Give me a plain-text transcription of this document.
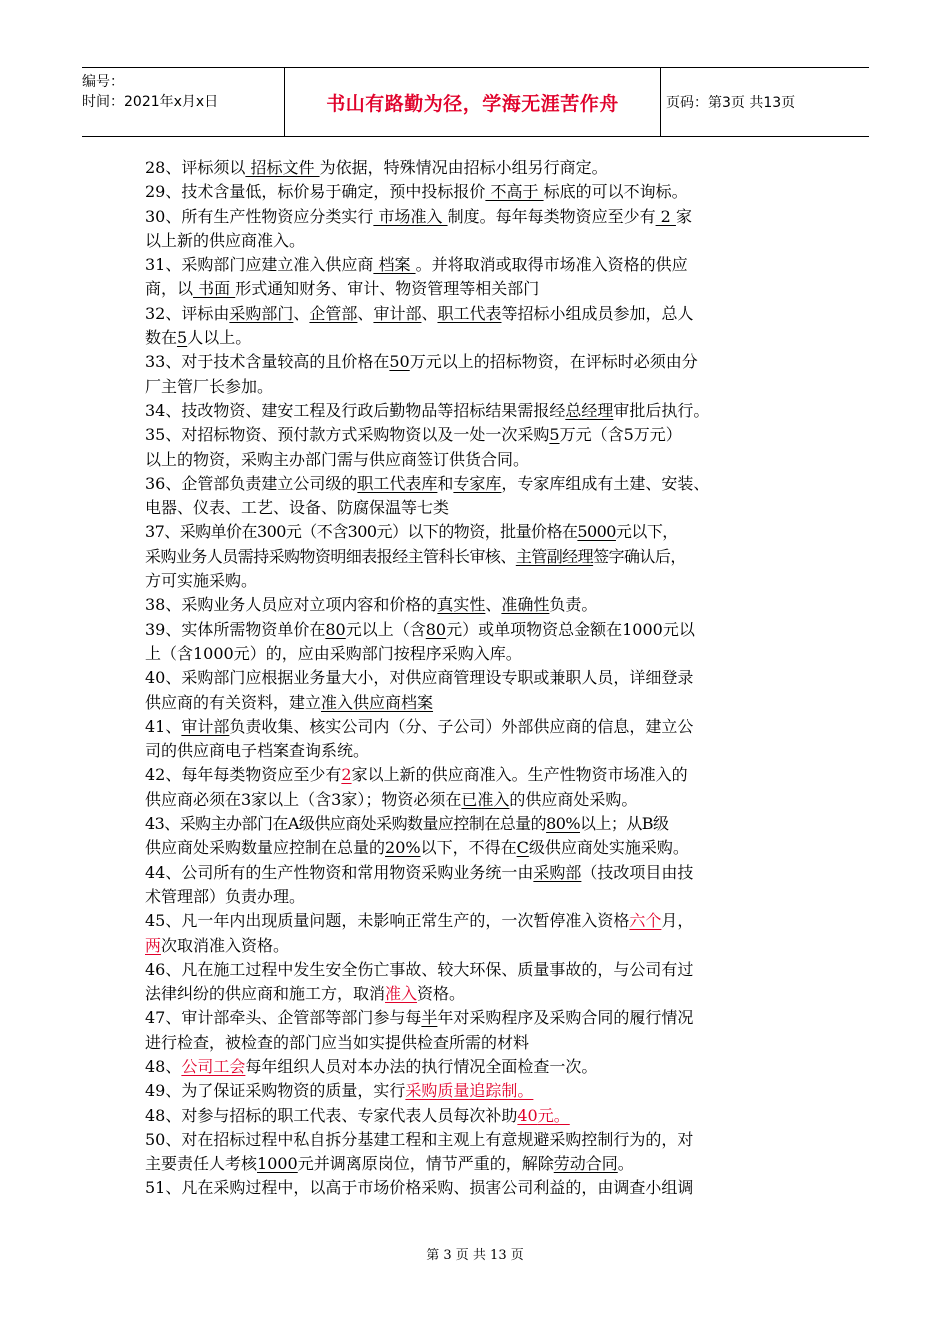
编号：
时间：2021年x月x日	书山有路勤为径，学海无涯苦作舟	页码：第3页 共13页
28、评标须以 招标文件 为依据，特殊情况由招标小组另行商定。
29、技术含量低，标价易于确定，预中投标报价 不高于 标底的可以不询标。
30、所有生产性物资应分类实行 市场准入 制度。每年每类物资应至少有 2 家
以上新的供应商准入。
31、采购部门应建立准入供应商 档案 。并将取消或取得市场准入资格的供应
商，以 书面 形式通知财务、审计、物资管理等相关部门
32、评标由采购部门、企管部、审计部、职工代表等招标小组成员参加，总人
数在5人以上。
33、对于技术含量较高的且价格在50万元以上的招标物资，在评标时必须由分
厂主管厂长参加。
34、技改物资、建安工程及行政后勤物品等招标结果需报经总经理审批后执行。
35、对招标物资、预付款方式采购物资以及一处一次采购5万元（含5万元）
以上的物资，采购主办部门需与供应商签订供货合同。
36、企管部负责建立公司级的职工代表库和专家库，专家库组成有土建、安装、
电器、仪表、工艺、设备、防腐保温等七类
37、采购单价在300元（不含300元）以下的物资，批量价格在5000元以下，
采购业务人员需持采购物资明细表报经主管科长审核、主管副经理签字确认后，
方可实施采购。
38、采购业务人员应对立项内容和价格的真实性、准确性负责。
39、实体所需物资单价在80元以上（含80元）或单项物资总金额在1000元以
上（含1000元）的，应由采购部门按程序采购入库。
40、采购部门应根据业务量大小，对供应商管理设专职或兼职人员，详细登录
供应商的有关资料，建立准入供应商档案
41、审计部负责收集、核实公司内（分、子公司）外部供应商的信息，建立公
司的供应商电子档案查询系统。
42、每年每类物资应至少有2家以上新的供应商准入。生产性物资市场准入的
供应商必须在3家以上（含3家）；物资必须在已准入的供应商处采购。
43、采购主办部门在A级供应商处采购数量应控制在总量的80%以上；从B级
供应商处采购数量应控制在总量的20%以下，不得在C级供应商处实施采购。
44、公司所有的生产性物资和常用物资采购业务统一由采购部（技改项目由技
术管理部）负责办理。
45、凡一年内出现质量问题，未影响正常生产的，一次暂停准入资格六个月，
两次取消准入资格。
46、凡在施工过程中发生安全伤亡事故、较大环保、质量事故的，与公司有过
法律纠纷的供应商和施工方，取消准入资格。
47、审计部牵头、企管部等部门参与每半年对采购程序及采购合同的履行情况
进行检查，被检查的部门应当如实提供检查所需的材料
48、公司工会每年组织人员对本办法的执行情况全面检查一次。
49、为了保证采购物资的质量，实行采购质量追踪制。
48、对参与招标的职工代表、专家代表人员每次补助40元。
50、对在招标过程中私自拆分基建工程和主观上有意规避采购控制行为的，对
主要责任人考核1000元并调离原岗位，情节严重的，解除劳动合同。
51、凡在采购过程中，以高于市场价格采购、损害公司利益的，由调查小组调
第 3 页 共 13 页
